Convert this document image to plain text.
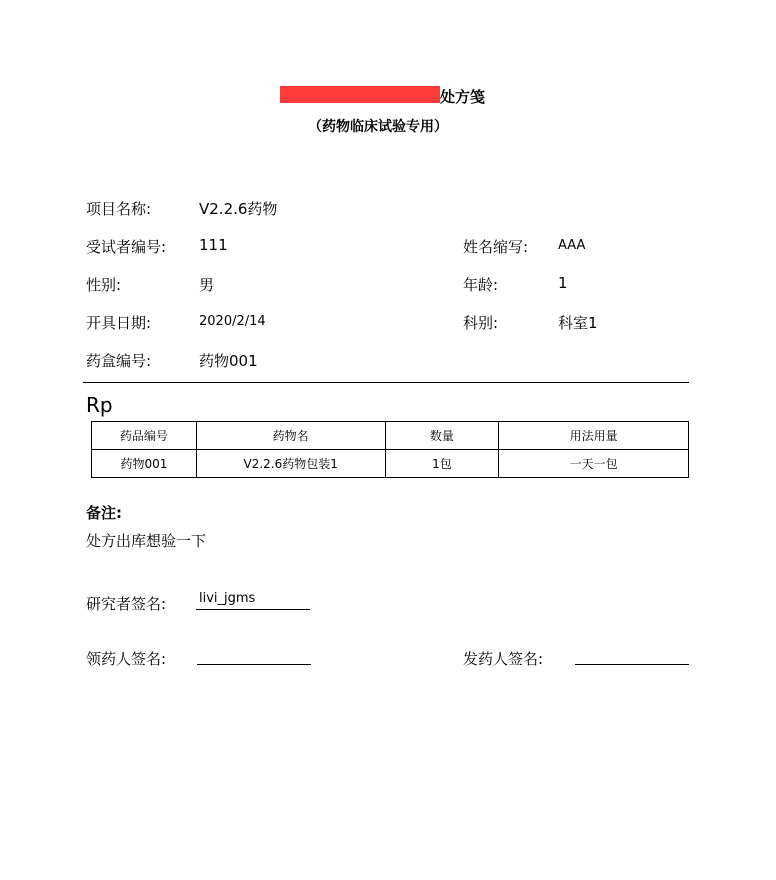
处方笺
（药物临床试验专用）
项目名称:	V2.2.6药物
受试者编号: 111	姓名缩写: AAA
性别:	男	年龄:	1
开具日期:	2020/2/14	科别:	科室1
药盒编号:	药物001
Rp
药品编号	药物名	数量	用法用量
药物001	V2.2.6药物包装1	1包	一天一包
备注:
处方出库想验一下
研究者签名:	livi_jgms
领药人签名:	发药人签名:
